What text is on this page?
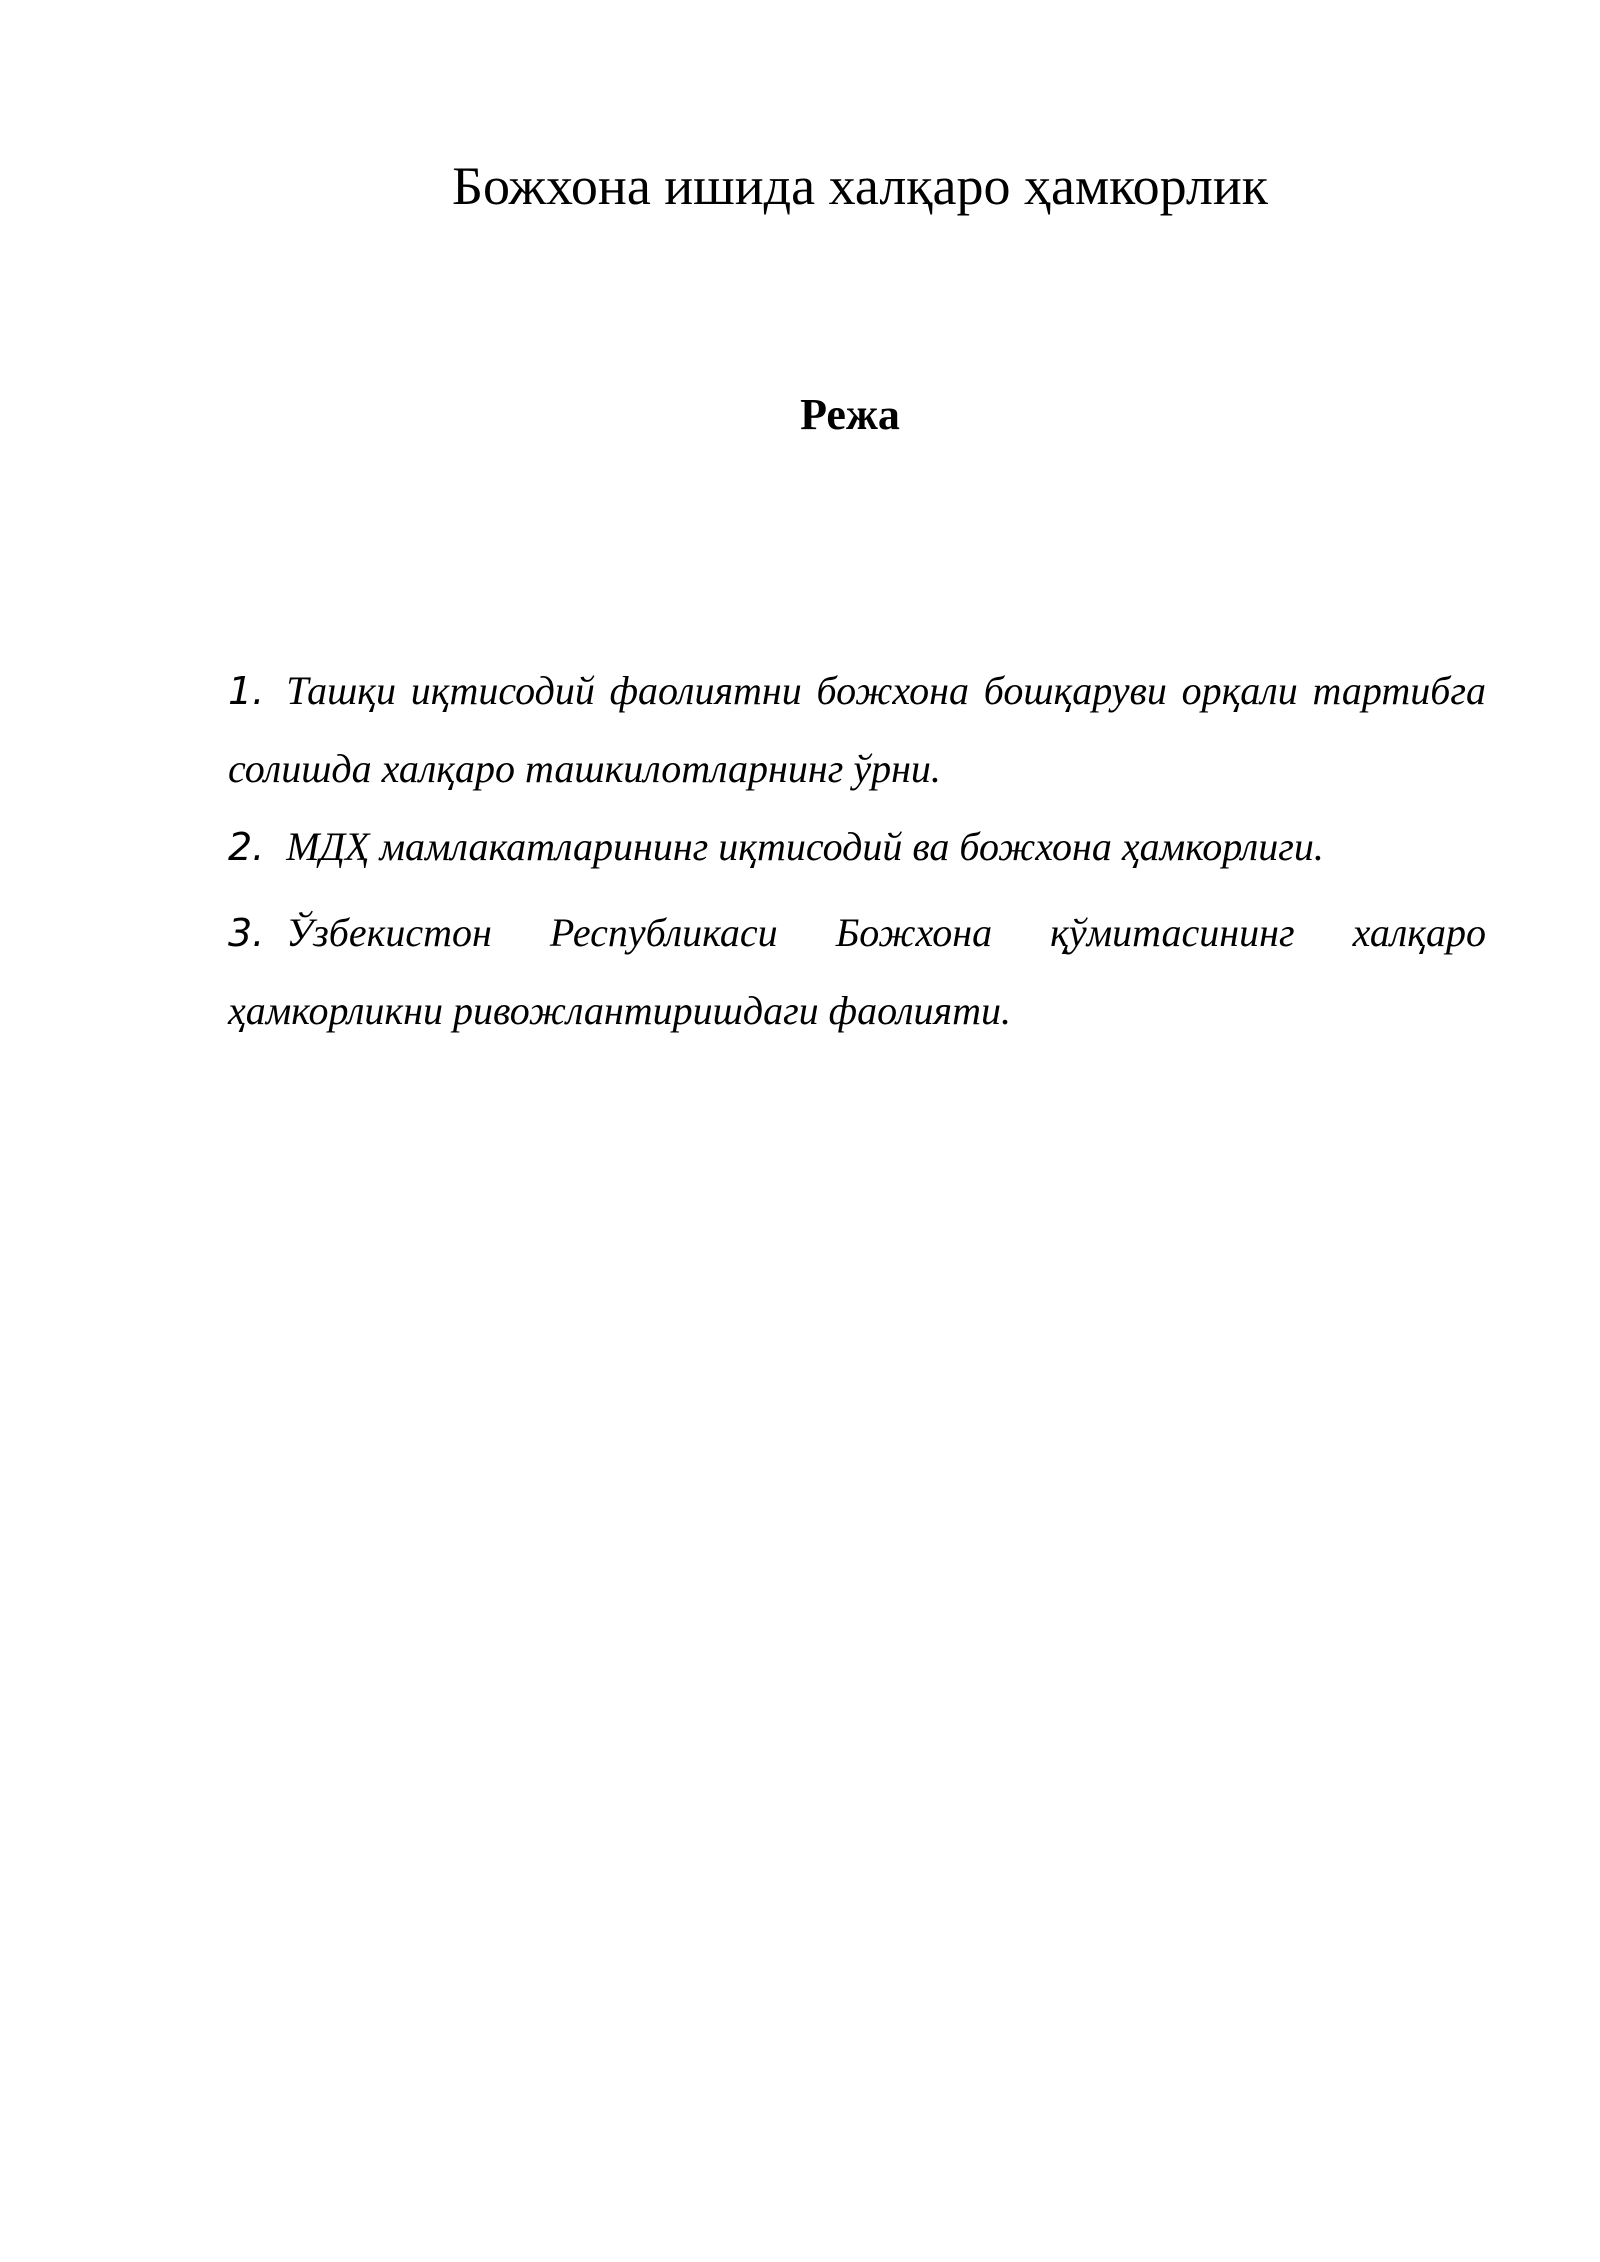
Божхона ишида халқаро ҳамкорлик
Режа
1. Ташқи иқтисодий фаолиятни божхона бошқаруви орқали тартибга солишда халқаро ташкилотларнинг ўрни.
2. МДҲ мамлакатларининг иқтисодий ва божхона ҳамкорлиги.
3. Ўзбекистон Республикаси Божхона қўмитасининг халқаро ҳамкорликни ривожлантиришдаги фаолияти.
